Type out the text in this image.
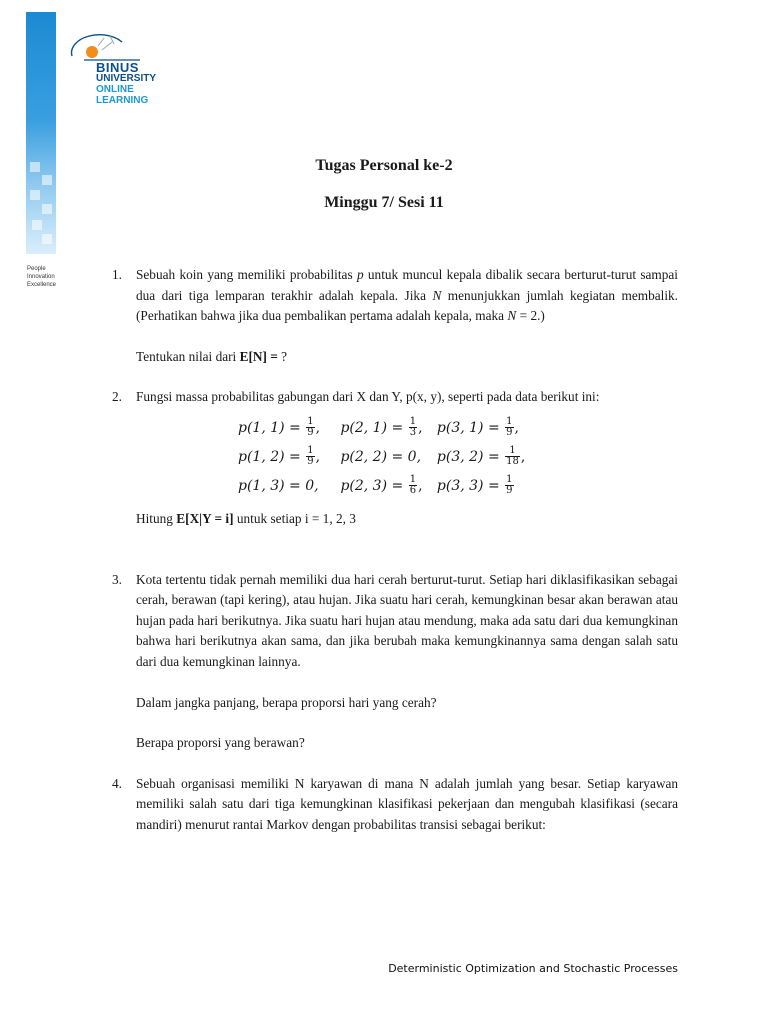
People
Innovation
Excellence
BINUS
UNIVERSITY
ONLINE
LEARNING
Tugas Personal ke-2
Minggu 7/ Sesi 11
1. Sebuah koin yang memiliki probabilitas p untuk muncul kepala dibalik secara berturut-turut sampai dua dari tiga lemparan terakhir adalah kepala. Jika N menunjukkan jumlah kegiatan membalik. (Perhatikan bahwa jika dua pembalikan pertama adalah kepala, maka N = 2.)

Tentukan nilai dari E[N] = ?

2. Fungsi massa probabilitas gabungan dari X dan Y, p(x, y), seperti pada data berikut ini:

p(1, $1) = \frac{1}{9}$ , p(2, $1) = \frac{1}{3}$ , p(3, $1) = \frac{1}{9}$ ,
p(1, $2) = \frac{1}{9}$ , p(2, 2) = 0, p(3, $2) = \frac{1}{18}$ ,
p(1, 3) = 0, p(2, $3) = \frac{1}{6}$ , p(3, $3) = \frac{1}{9}$

Hitung E[X|Y = i] untuk setiap i = 1, 2, 3

3. Kota tertentu tidak pernah memiliki dua hari cerah berturut-turut. Setiap hari diklasifikasikan sebagai cerah, berawan (tapi kering), atau hujan. Jika suatu hari cerah, kemungkinan besar akan berawan atau hujan pada hari berikutnya. Jika suatu hari hujan atau mendung, maka ada satu dari dua kemungkinan bahwa hari berikutnya akan sama, dan jika berubah maka kemungkinannya sama dengan salah satu dari dua kemungkinan lainnya.

Dalam jangka panjang, berapa proporsi hari yang cerah?

Berapa proporsi yang berawan?

4. Sebuah organisasi memiliki N karyawan di mana N adalah jumlah yang besar. Setiap karyawan memiliki salah satu dari tiga kemungkinan klasifikasi pekerjaan dan mengubah klasifikasi (secara mandiri) menurut rantai Markov dengan probabilitas transisi sebagai berikut:

Deterministic Optimization and Stochastic Processes
